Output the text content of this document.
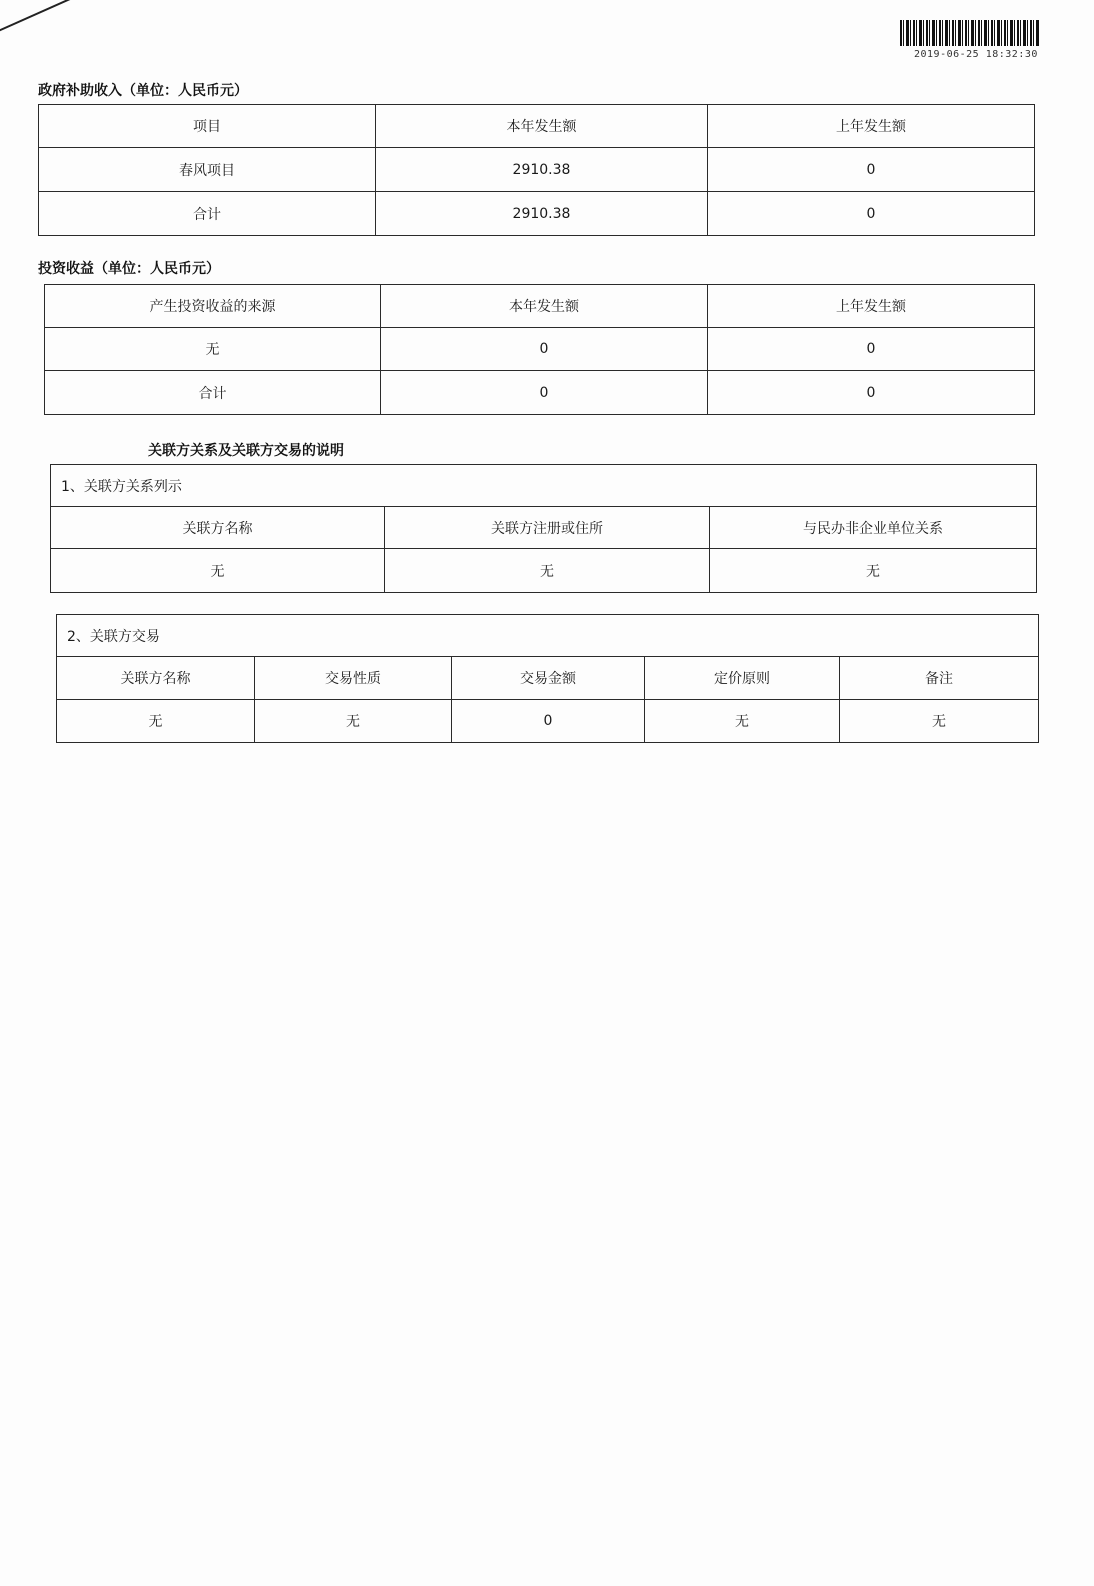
2019-06-25 18:32:30
政府补助收入（单位：人民币元）
项目	本年发生额	上年发生额
春风项目	2910.38	0
合计	2910.38	0
投资收益（单位：人民币元）
产生投资收益的来源	本年发生额	上年发生额
无	0	0
合计	0	0
关联方关系及关联方交易的说明
1、关联方关系列示		
关联方名称	关联方注册或住所	与民办非企业单位关系
无	无	无
2、关联方交易				
关联方名称	交易性质	交易金额	定价原则	备注
无	无	0	无	无
